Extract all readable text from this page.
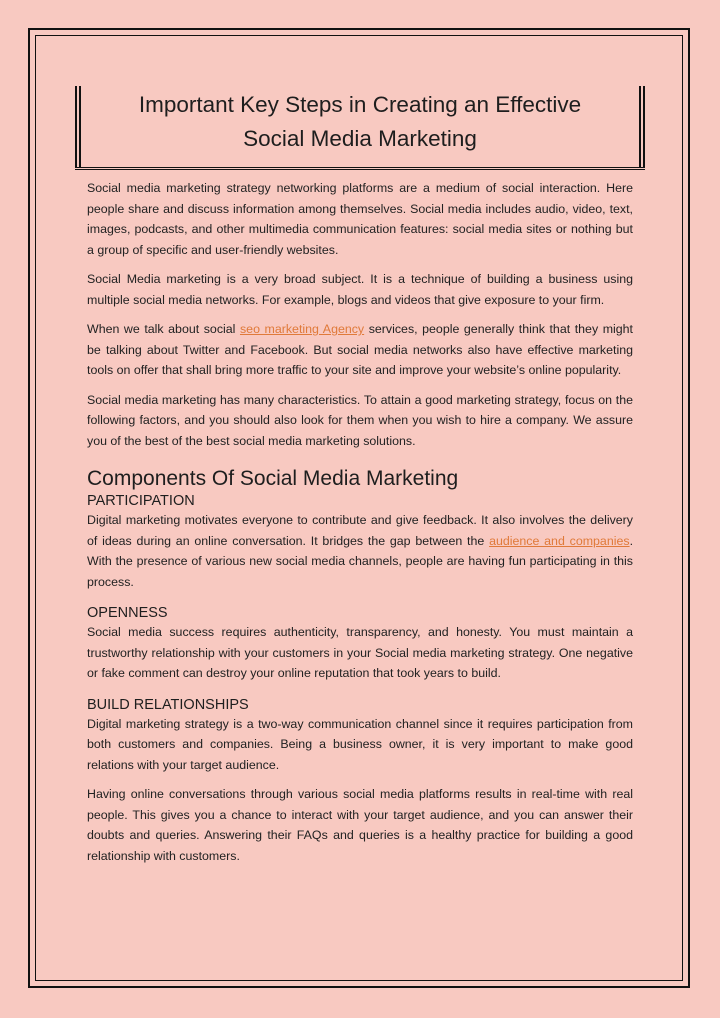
Important Key Steps in Creating an Effective
Social Media Marketing

Social media marketing strategy networking platforms are a medium of social interaction. Here people share and discuss information among themselves. Social media includes audio, video, text, images, podcasts, and other multimedia communication features: social media sites or nothing but a group of specific and user-friendly websites.

Social Media marketing is a very broad subject. It is a technique of building a business using multiple social media networks. For example, blogs and videos that give exposure to your firm.

When we talk about social seo marketing Agency services, people generally think that they might be talking about Twitter and Facebook. But social media networks also have effective marketing tools on offer that shall bring more traffic to your site and improve your website’s online popularity.

Social media marketing has many characteristics. To attain a good marketing strategy, focus on the following factors, and you should also look for them when you wish to hire a company. We assure you of the best of the best social media marketing solutions.

Components Of Social Media Marketing
PARTICIPATION

Digital marketing motivates everyone to contribute and give feedback. It also involves the delivery of ideas during an online conversation. It bridges the gap between the audience and companies. With the presence of various new social media channels, people are having fun participating in this process.

OPENNESS

Social media success requires authenticity, transparency, and honesty. You must maintain a trustworthy relationship with your customers in your Social media marketing strategy. One negative or fake comment can destroy your online reputation that took years to build.

BUILD RELATIONSHIPS

Digital marketing strategy is a two-way communication channel since it requires participation from both customers and companies. Being a business owner, it is very important to make good relations with your target audience.

Having online conversations through various social media platforms results in real-time with real people. This gives you a chance to interact with your target audience, and you can answer their doubts and queries. Answering their FAQs and queries is a healthy practice for building a good relationship with customers.
